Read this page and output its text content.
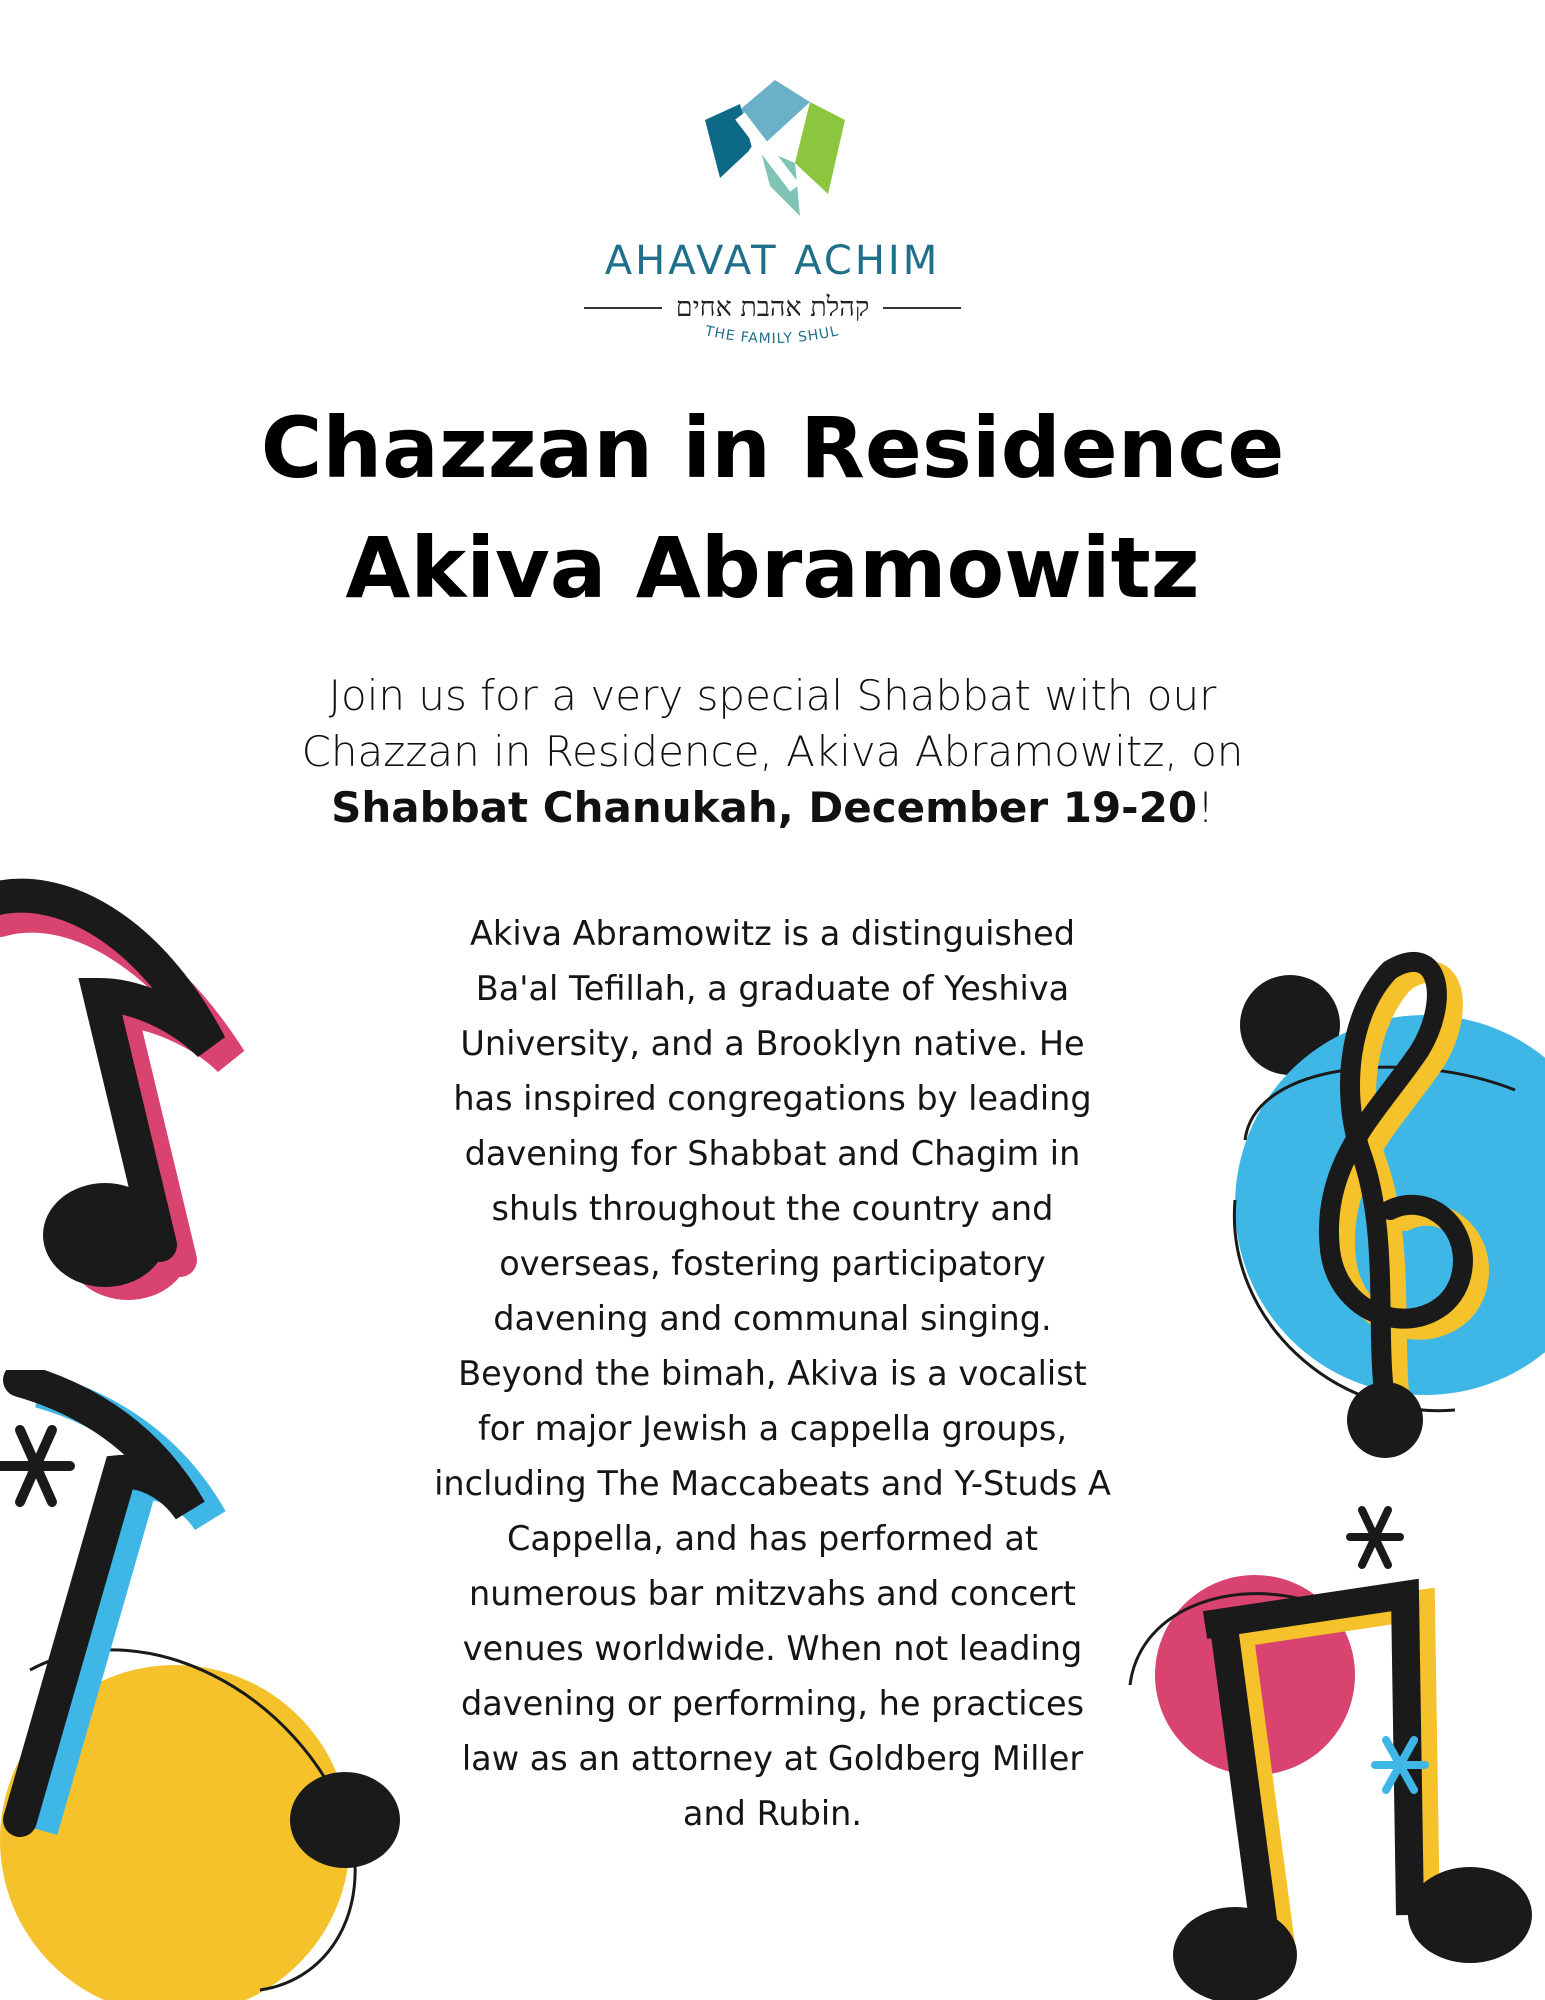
AHAVAT ACHIM
קהלת אהבת אחים
THE FAMILY SHUL
Chazzan in Residence
Akiva Abramowitz

Join us for a very special Shabbat with our
Chazzan in Residence, Akiva Abramowitz, on
Shabbat Chanukah, December 19-20!

Akiva Abramowitz is a distinguished Ba'al Tefillah, a graduate of Yeshiva University, and a Brooklyn native. He has inspired congregations by leading davening for Shabbat and Chagim in shuls throughout the country and overseas, fostering participatory davening and communal singing. Beyond the bimah, Akiva is a vocalist for major Jewish a cappella groups, including The Maccabeats and Y-Studs A Cappella, and has performed at numerous bar mitzvahs and concert venues worldwide. When not leading davening or performing, he practices law as an attorney at Goldberg Miller and Rubin.
